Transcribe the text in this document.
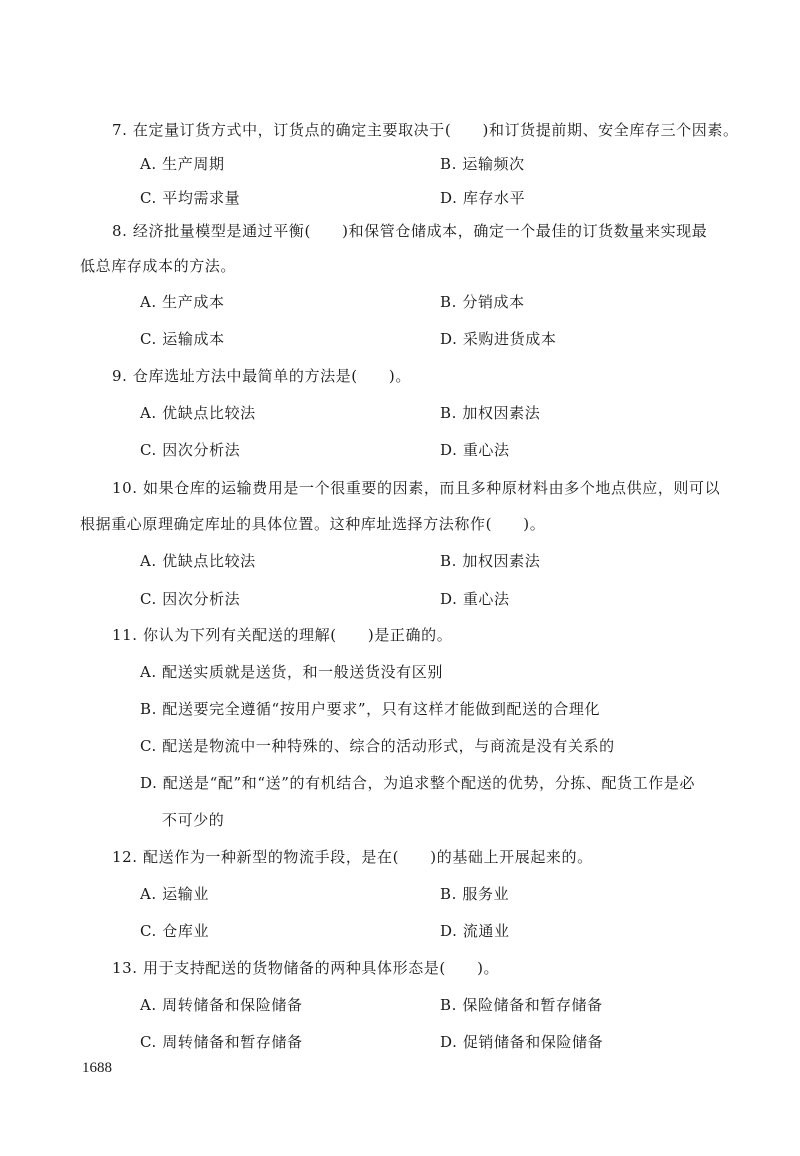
7. 在定量订货方式中，订货点的确定主要取决于(　　)和订货提前期、安全库存三个因素。
A. 生产周期	B. 运输频次
C. 平均需求量	D. 库存水平
8. 经济批量模型是通过平衡(　　)和保管仓储成本，确定一个最佳的订货数量来实现最
低总库存成本的方法。
A. 生产成本	B. 分销成本
C. 运输成本	D. 采购进货成本
9. 仓库选址方法中最简单的方法是(　　)。
A. 优缺点比较法	B. 加权因素法
C. 因次分析法	D. 重心法
10. 如果仓库的运输费用是一个很重要的因素，而且多种原材料由多个地点供应，则可以
根据重心原理确定库址的具体位置。这种库址选择方法称作(　　)。
A. 优缺点比较法	B. 加权因素法
C. 因次分析法	D. 重心法
11. 你认为下列有关配送的理解(　　)是正确的。
A. 配送实质就是送货，和一般送货没有区别
B. 配送要完全遵循“按用户要求”，只有这样才能做到配送的合理化
C. 配送是物流中一种特殊的、综合的活动形式，与商流是没有关系的
D. 配送是“配”和“送”的有机结合，为追求整个配送的优势，分拣、配货工作是必
不可少的
12. 配送作为一种新型的物流手段，是在(　　)的基础上开展起来的。
A. 运输业	B. 服务业
C. 仓库业	D. 流通业
13. 用于支持配送的货物储备的两种具体形态是(　　)。
A. 周转储备和保险储备	B. 保险储备和暂存储备
C. 周转储备和暂存储备	D. 促销储备和保险储备
1688
